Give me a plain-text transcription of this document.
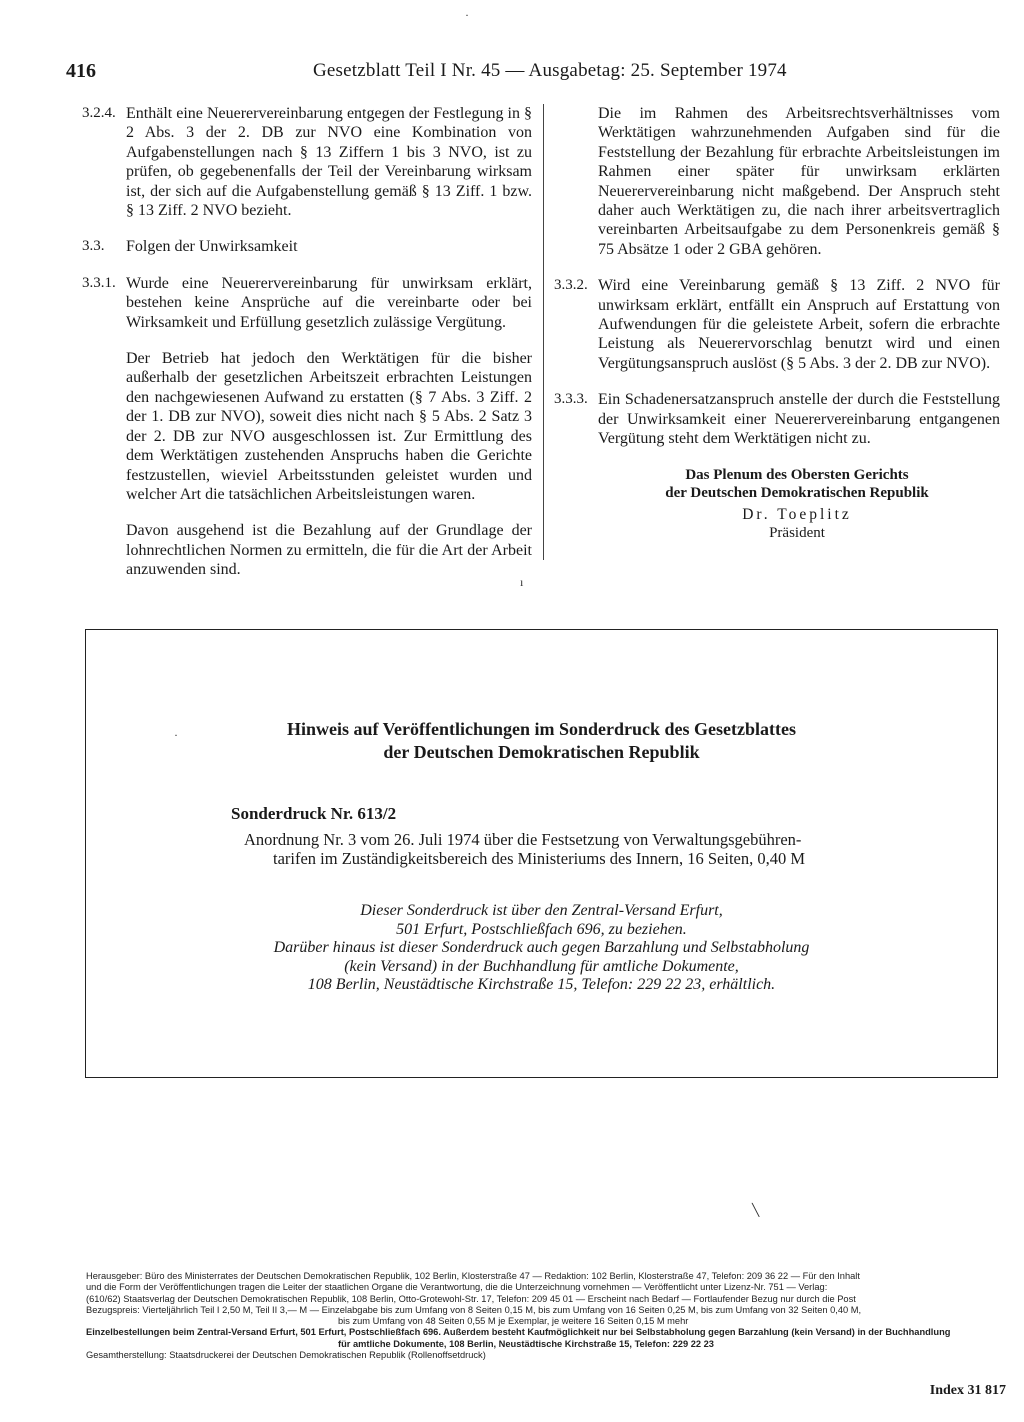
416	Gesetzblatt Teil I Nr. 45 — Ausgabetag: 25. September 1974
3.2.4. Enthält eine Neuerervereinbarung entgegen der Festlegung in § 2 Abs. 3 der 2. DB zur NVO eine Kombination von Aufgabenstellungen nach § 13 Ziffern 1 bis 3 NVO, ist zu prüfen, ob gegebenenfalls der Teil der Vereinbarung wirksam ist, der sich auf die Aufgabenstellung gemäß § 13 Ziff. 1 bzw. § 13 Ziff. 2 NVO bezieht.
3.3.	Folgen der Unwirksamkeit
3.3.1. Wurde eine Neuerervereinbarung für unwirksam erklärt, bestehen keine Ansprüche auf die vereinbarte oder bei Wirksamkeit und Erfüllung gesetzlich zulässige Vergütung.

Der Betrieb hat jedoch den Werktätigen für die bisher außerhalb der gesetzlichen Arbeitszeit erbrachten Leistungen den nachgewiesenen Aufwand zu erstatten (§ 7 Abs. 3 Ziff. 2 der 1. DB zur NVO), soweit dies nicht nach § 5 Abs. 2 Satz 3 der 2. DB zur NVO ausgeschlossen ist. Zur Ermittlung des dem Werktätigen zustehenden Anspruchs haben die Gerichte festzustellen, wieviel Arbeitsstunden geleistet wurden und welcher Art die tatsächlichen Arbeitsleistungen waren.

Davon ausgehend ist die Bezahlung auf der Grundlage der lohnrechtlichen Normen zu ermitteln, die für die Art der Arbeit anzuwenden sind.

Die im Rahmen des Arbeitsrechtsverhältnisses vom Werktätigen wahrzunehmenden Aufgaben sind für die Feststellung der Bezahlung für erbrachte Arbeitsleistungen im Rahmen einer später für unwirksam erklärten Neuerervereinbarung nicht maßgebend. Der Anspruch steht daher auch Werktätigen zu, die nach ihrer arbeitsvertraglich vereinbarten Arbeitsaufgabe zu dem Personenkreis gemäß § 75 Absätze 1 oder 2 GBA gehören.

3.3.2. Wird eine Vereinbarung gemäß § 13 Ziff. 2 NVO für unwirksam erklärt, entfällt ein Anspruch auf Erstattung von Aufwendungen für die geleistete Arbeit, sofern die erbrachte Leistung als Neuerervorschlag benutzt wird und einen Vergütungsanspruch auslöst (§ 5 Abs. 3 der 2. DB zur NVO).
3.3.3. Ein Schadenersatzanspruch anstelle der durch die Feststellung der Unwirksamkeit einer Neuerervereinbarung entgangenen Vergütung steht dem Werktätigen nicht zu.
Das Plenum des Obersten Gerichts
der Deutschen Demokratischen Republik
Dr. Toeplitz
Präsident
Hinweis auf Veröffentlichungen im Sonderdruck des Gesetzblattes
der Deutschen Demokratischen Republik
Sonderdruck Nr. 613/2
Anordnung Nr. 3 vom 26. Juli 1974 über die Festsetzung von Verwaltungsgebühren-
tarifen im Zuständigkeitsbereich des Ministeriums des Innern, 16 Seiten, 0,40 M
Dieser Sonderdruck ist über den Zentral-Versand Erfurt,
501 Erfurt, Postschließfach 696, zu beziehen.
Darüber hinaus ist dieser Sonderdruck auch gegen Barzahlung und Selbstabholung
(kein Versand) in der Buchhandlung für amtliche Dokumente,
108 Berlin, Neustädtische Kirchstraße 15, Telefon: 229 22 23, erhältlich.
Herausgeber: Büro des Ministerrates der Deutschen Demokratischen Republik, 102 Berlin, Klosterstraße 47 — Redaktion: 102 Berlin, Klosterstraße 47, Telefon: 209 36 22 — Für den Inhalt
und die Form der Veröffentlichungen tragen die Leiter der staatlichen Organe die Verantwortung, die die Unterzeichnung vornehmen — Veröffentlicht unter Lizenz-Nr. 751 — Verlag:
(610/62) Staatsverlag der Deutschen Demokratischen Republik, 108 Berlin, Otto-Grotewohl-Str. 17, Telefon: 209 45 01 — Erscheint nach Bedarf — Fortlaufender Bezug nur durch die Post
Bezugspreis: Vierteljährlich Teil I 2,50 M, Teil II 3,— M — Einzelabgabe bis zum Umfang von 8 Seiten 0,15 M, bis zum Umfang von 16 Seiten 0,25 M, bis zum Umfang von 32 Seiten 0,40 M,
bis zum Umfang von 48 Seiten 0,55 M je Exemplar, je weitere 16 Seiten 0,15 M mehr
Einzelbestellungen beim Zentral-Versand Erfurt, 501 Erfurt, Postschließfach 696. Außerdem besteht Kaufmöglichkeit nur bei Selbstabholung gegen Barzahlung (kein Versand) in der Buchhandlung
für amtliche Dokumente, 108 Berlin, Neustädtische Kirchstraße 15, Telefon: 229 22 23
Gesamtherstellung: Staatsdruckerei der Deutschen Demokratischen Republik (Rollenoffsetdruck)
Index 31 817
·
ı
·
╲
